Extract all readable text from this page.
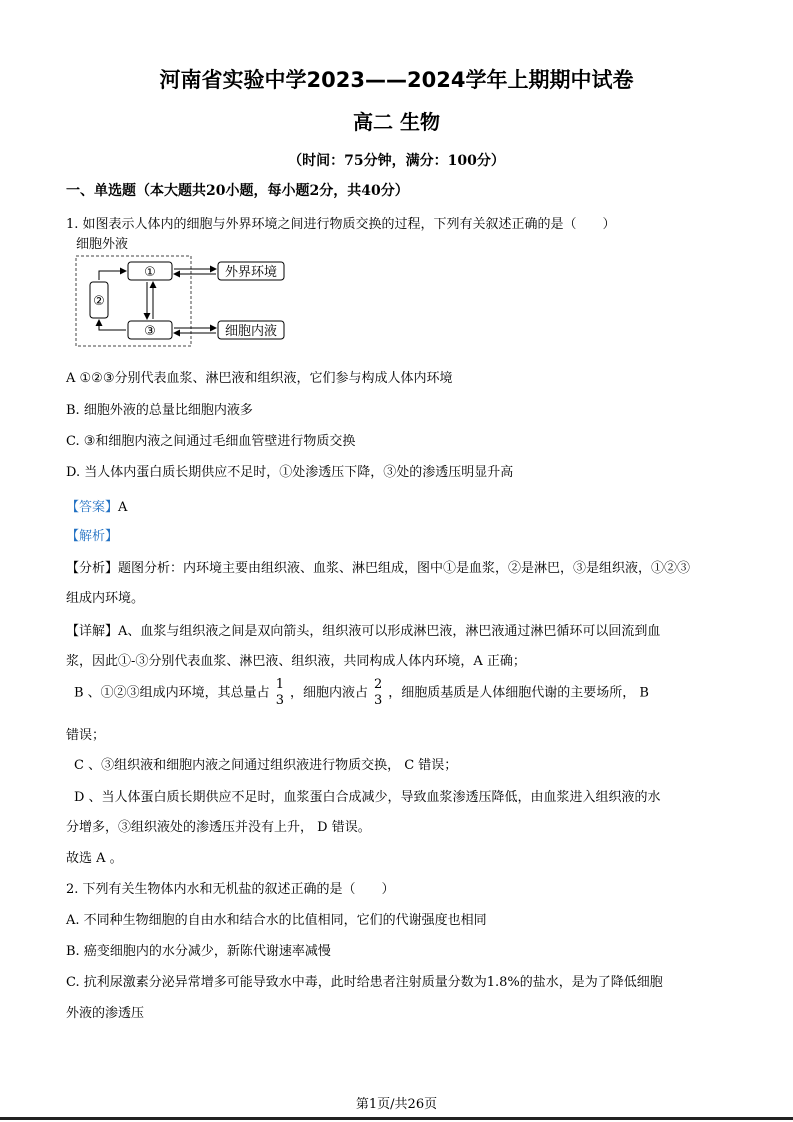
河南省实验中学2023——2024学年上期期中试卷
高二 生物
（时间：75分钟，满分：100分）
一、单选题（本大题共20小题，每小题2分，共40分）
1. 如图表示人体内的细胞与外界环境之间进行物质交换的过程，下列有关叙述正确的是（　　）
细胞外液
①
③
②
外界环境
细胞内液
A ①②③分别代表血浆、淋巴液和组织液，它们参与构成人体内环境
B. 细胞外液的总量比细胞内液多
C. ③和细胞内液之间通过毛细血管壁进行物质交换
D. 当人体内蛋白质长期供应不足时，①处渗透压下降，③处的渗透压明显升高
【答案】A
【解析】
【分析】题图分析：内环境主要由组织液、血浆、淋巴组成，图中①是血浆，②是淋巴，③是组织液，①②③
组成内环境。
【详解】A、血浆与组织液之间是双向箭头，组织液可以形成淋巴液，淋巴液通过淋巴循环可以回流到血
浆，因此①-③分别代表血浆、淋巴液、组织液，共同构成人体内环境，A 正确；
B 、①②③组成内环境，其总量占
1
3 ，细胞内液占
2
3 ，细胞质基质是人体细胞代谢的主要场所， B
错误；
C 、③组织液和细胞内液之间通过组织液进行物质交换， C 错误；
D 、当人体蛋白质长期供应不足时，血浆蛋白合成减少，导致血浆渗透压降低，由血浆进入组织液的水
分增多，③组织液处的渗透压并没有上升， D 错误。
故选 A 。
2. 下列有关生物体内水和无机盐的叙述正确的是（　　）
A. 不同种生物细胞的自由水和结合水的比值相同，它们的代谢强度也相同
B. 癌变细胞内的水分减少，新陈代谢速率减慢
C. 抗利尿激素分泌异常增多可能导致水中毒，此时给患者注射质量分数为1.8%的盐水，是为了降低细胞
外液的渗透压
第1页/共26页
